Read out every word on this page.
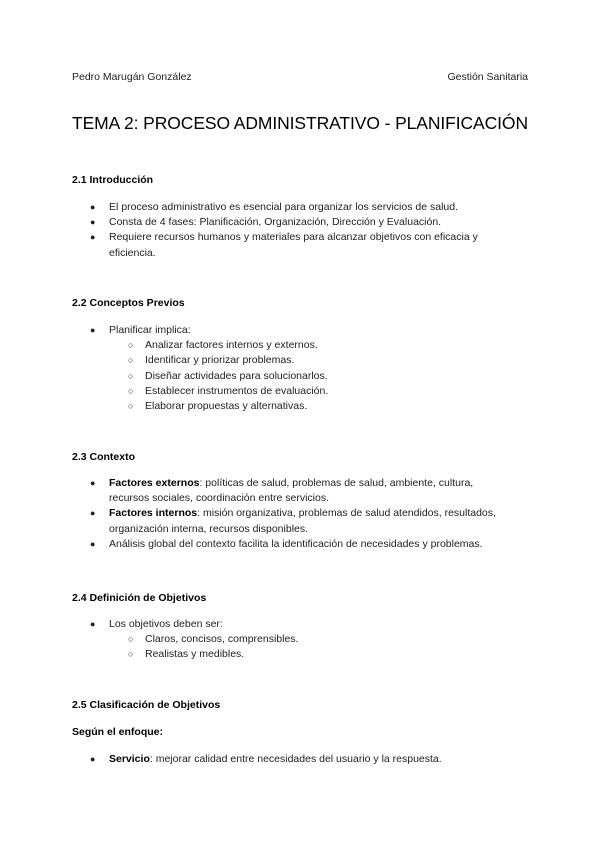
Pedro Marugán González	Gestión Sanitaria
TEMA 2: PROCESO ADMINISTRATIVO - PLANIFICACIÓN
2.1 Introducción
● El proceso administrativo es esencial para organizar los servicios de salud.
● Consta de 4 fases: Planificación, Organización, Dirección y Evaluación.
● Requiere recursos humanos y materiales para alcanzar objetivos con eficacia y eficiencia.
2.2 Conceptos Previos
● Planificar implica:
○ Analizar factores internos y externos.
○ Identificar y priorizar problemas.
○ Diseñar actividades para solucionarlos.
○ Establecer instrumentos de evaluación.
○ Elaborar propuestas y alternativas.
2.3 Contexto
● Factores externos: políticas de salud, problemas de salud, ambiente, cultura, recursos sociales, coordinación entre servicios.
● Factores internos: misión organizativa, problemas de salud atendidos, resultados, organización interna, recursos disponibles.
● Análisis global del contexto facilita la identificación de necesidades y problemas.
2.4 Definición de Objetivos
● Los objetivos deben ser:
○ Claros, concisos, comprensibles.
○ Realistas y medibles.
2.5 Clasificación de Objetivos
Según el enfoque:
● Servicio: mejorar calidad entre necesidades del usuario y la respuesta.
